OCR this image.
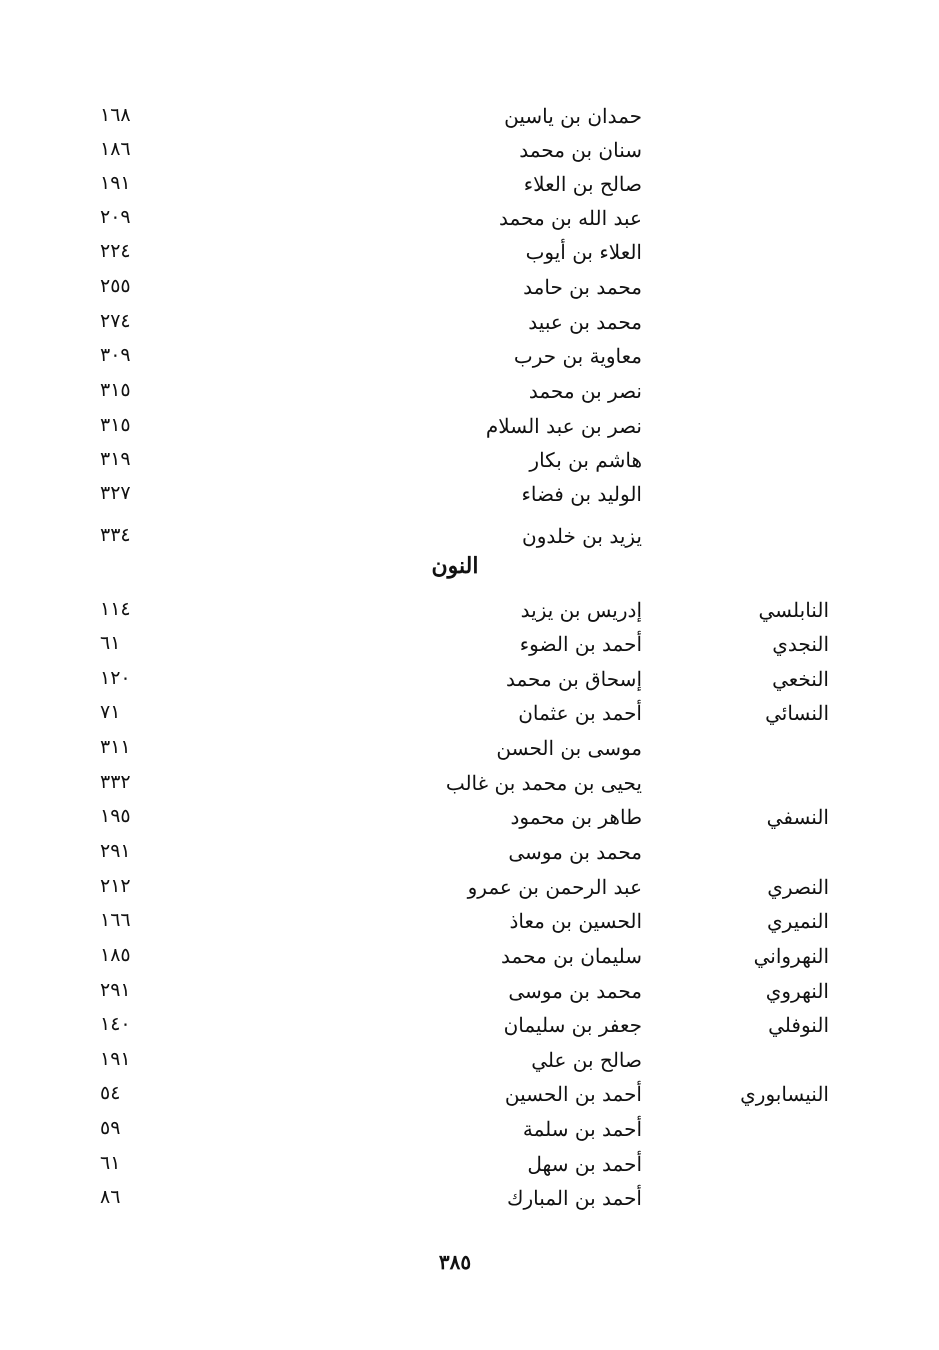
حمدان بن ياسين
١٦٨
سنان بن محمد
١٨٦
صالح بن العلاء
١٩١
عبد الله بن محمد
٢٠٩
العلاء بن أيوب
٢٢٤
محمد بن حامد
٢٥٥
محمد بن عبيد
٢٧٤
معاوية بن حرب
٣٠٩
نصر بن محمد
٣١٥
نصر بن عبد السلام
٣١٥
هاشم بن بكار
٣١٩
الوليد بن فضاء
٣٢٧
يزيد بن خلدون
٣٣٤
النون
النابلسي
إدريس بن يزيد
١١٤
النجدي
أحمد بن الضوء
٦١
النخعي
إسحاق بن محمد
١٢٠
النسائي
أحمد بن عثمان
٧١
موسى بن الحسن
٣١١
يحيى بن محمد بن غالب
٣٣٢
النسفي
طاهر بن محمود
١٩٥
محمد بن موسى
٢٩١
النصري
عبد الرحمن بن عمرو
٢١٢
النميري
الحسين بن معاذ
١٦٦
النهرواني
سليمان بن محمد
١٨٥
النهروي
محمد بن موسى
٢٩١
النوفلي
جعفر بن سليمان
١٤٠
صالح بن علي
١٩١
النيسابوري
أحمد بن الحسين
٥٤
أحمد بن سلمة
٥٩
أحمد بن سهل
٦١
أحمد بن المبارك
٨٦
٣٨٥
